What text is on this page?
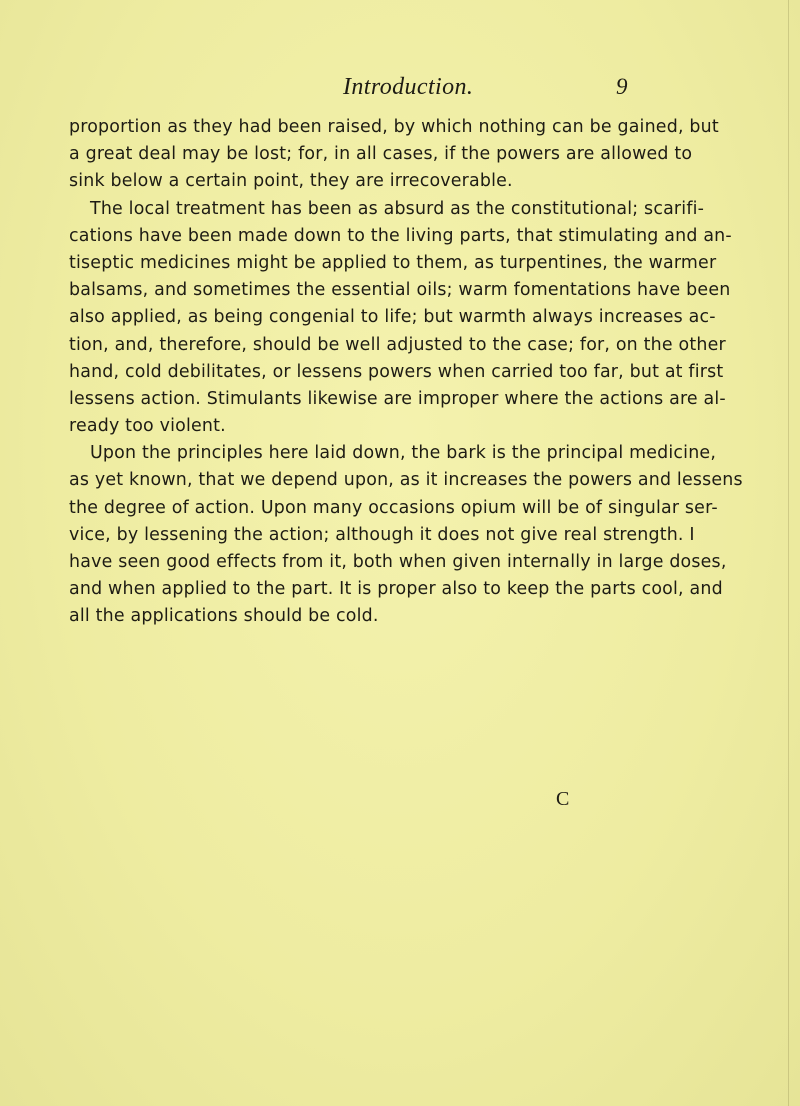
Introduction.	9
proportion as they had been raised, by which nothing can be gained, but
a great deal may be lost; for, in all cases, if the powers are allowed to
sink below a certain point, they are irrecoverable.
The local treatment has been as absurd as the constitutional; scarifi-
cations have been made down to the living parts, that stimulating and an-
tiseptic medicines might be applied to them, as turpentines, the warmer
balsams, and sometimes the essential oils; warm fomentations have been
also applied, as being congenial to life; but warmth always increases ac-
tion, and, therefore, should be well adjusted to the case; for, on the other
hand, cold debilitates, or lessens powers when carried too far, but at first
lessens action. Stimulants likewise are improper where the actions are al-
ready too violent.
Upon the principles here laid down, the bark is the principal medicine,
as yet known, that we depend upon, as it increases the powers and lessens
the degree of action. Upon many occasions opium will be of singular ser-
vice, by lessening the action; although it does not give real strength. I
have seen good effects from it, both when given internally in large doses,
and when applied to the part. It is proper also to keep the parts cool, and
all the applications should be cold.
C
